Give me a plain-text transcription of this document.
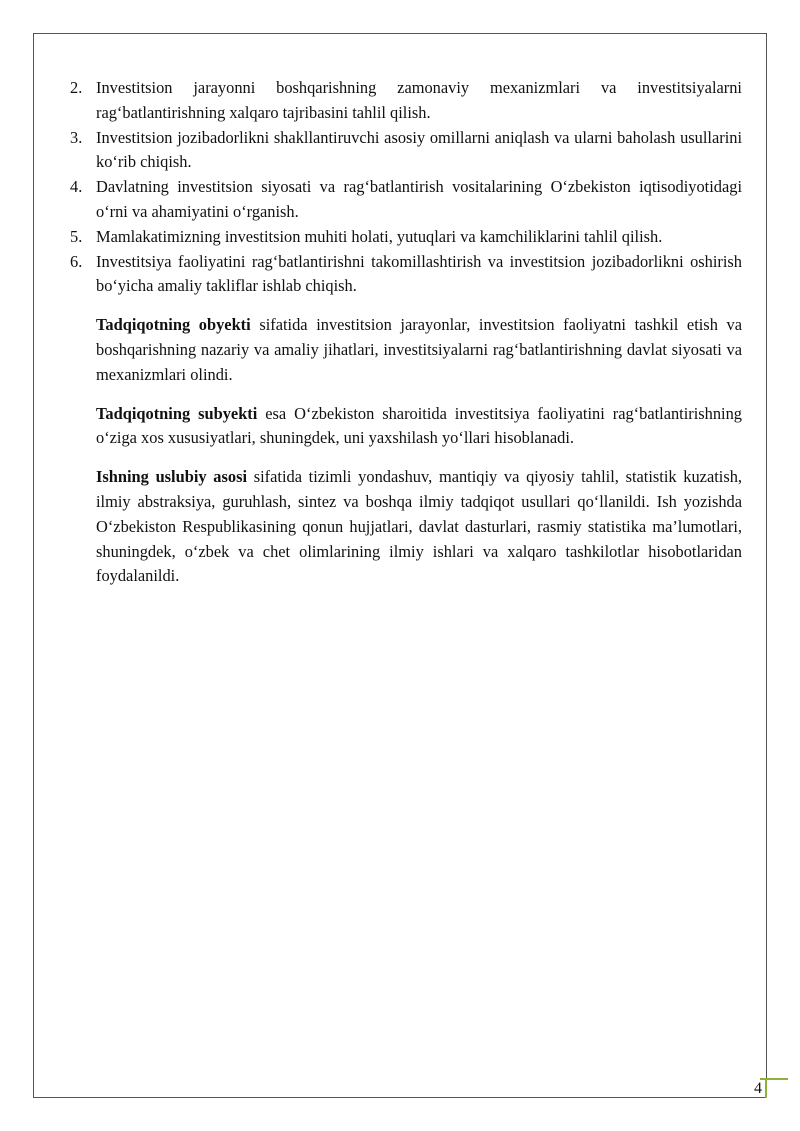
2. Investitsion jarayonni boshqarishning zamonaviy mexanizmlari va investitsiyalarni rag‘batlantirishning xalqaro tajribasini tahlil qilish.
3. Investitsion jozibadorlikni shakllantiruvchi asosiy omillarni aniqlash va ularni baholash usullarini ko‘rib chiqish.
4. Davlatning investitsion siyosati va rag‘batlantirish vositalarining O‘zbekiston iqtisodiyotidagi o‘rni va ahamiyatini o‘rganish.
5. Mamlakatimizning investitsion muhiti holati, yutuqlari va kamchiliklarini tahlil qilish.
6. Investitsiya faoliyatini rag‘batlantirishni takomillashtirish va investitsion jozibadorlikni oshirish bo‘yicha amaliy takliflar ishlab chiqish.

Tadqiqotning obyekti sifatida investitsion jarayonlar, investitsion faoliyatni tashkil etish va boshqarishning nazariy va amaliy jihatlari, investitsiyalarni rag‘batlantirishning davlat siyosati va mexanizmlari olindi.

Tadqiqotning subyekti esa O‘zbekiston sharoitida investitsiya faoliyatini rag‘batlantirishning o‘ziga xos xususiyatlari, shuningdek, uni yaxshilash yo‘llari hisoblanadi.

Ishning uslubiy asosi sifatida tizimli yondashuv, mantiqiy va qiyosiy tahlil, statistik kuzatish, ilmiy abstraksiya, guruhlash, sintez va boshqa ilmiy tadqiqot usullari qo‘llanildi. Ish yozishda O‘zbekiston Respublikasining qonun hujjatlari, davlat dasturlari, rasmiy statistika ma’lumotlari, shuningdek, o‘zbek va chet olimlarining ilmiy ishlari va xalqaro tashkilotlar hisobotlaridan foydalanildi.

4
